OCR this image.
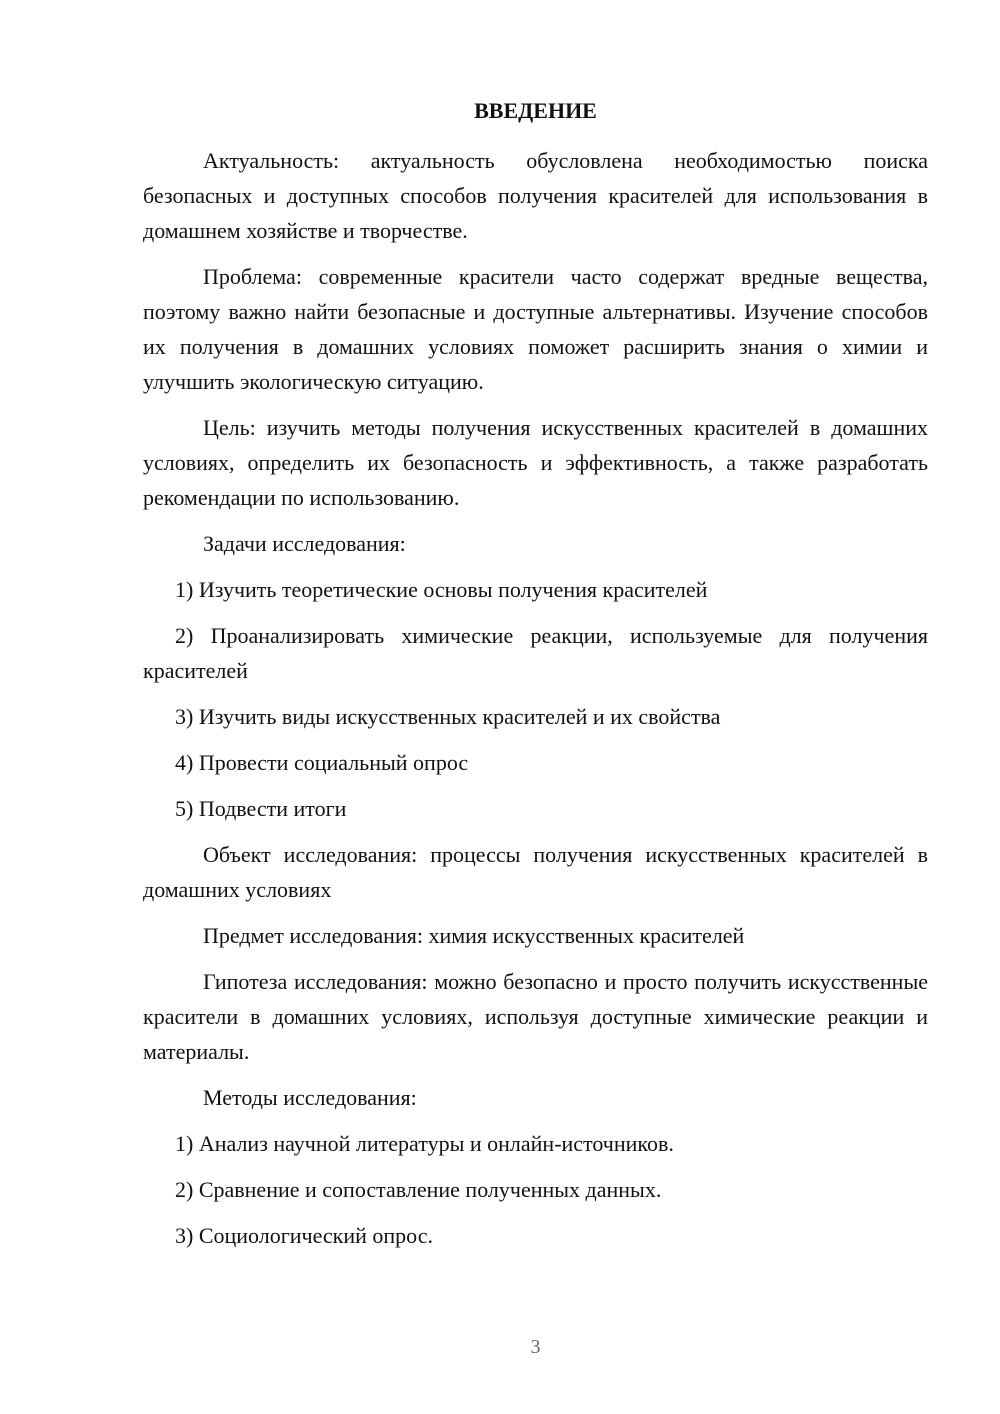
ВВЕДЕНИЕ

Актуальность: актуальность обусловлена необходимостью поиска безопасных и доступных способов получения красителей для использования в домашнем хозяйстве и творчестве.

Проблема: современные красители часто содержат вредные вещества, поэтому важно найти безопасные и доступные альтернативы. Изучение способов их получения в домашних условиях поможет расширить знания о химии и улучшить экологическую ситуацию.

Цель: изучить методы получения искусственных красителей в домашних условиях, определить их безопасность и эффективность, а также разработать рекомендации по использованию.

Задачи исследования:

1) Изучить теоретические основы получения красителей

2) Проанализировать химические реакции, используемые для получения красителей

3) Изучить виды искусственных красителей и их свойства

4) Провести социальный опрос

5) Подвести итоги

Объект исследования: процессы получения искусственных красителей в домашних условиях

Предмет исследования: химия искусственных красителей

Гипотеза исследования: можно безопасно и просто получить искусственные красители в домашних условиях, используя доступные химические реакции и материалы.

Методы исследования:

1) Анализ научной литературы и онлайн-источников.

2) Сравнение и сопоставление полученных данных.

3) Социологический опрос.

3
